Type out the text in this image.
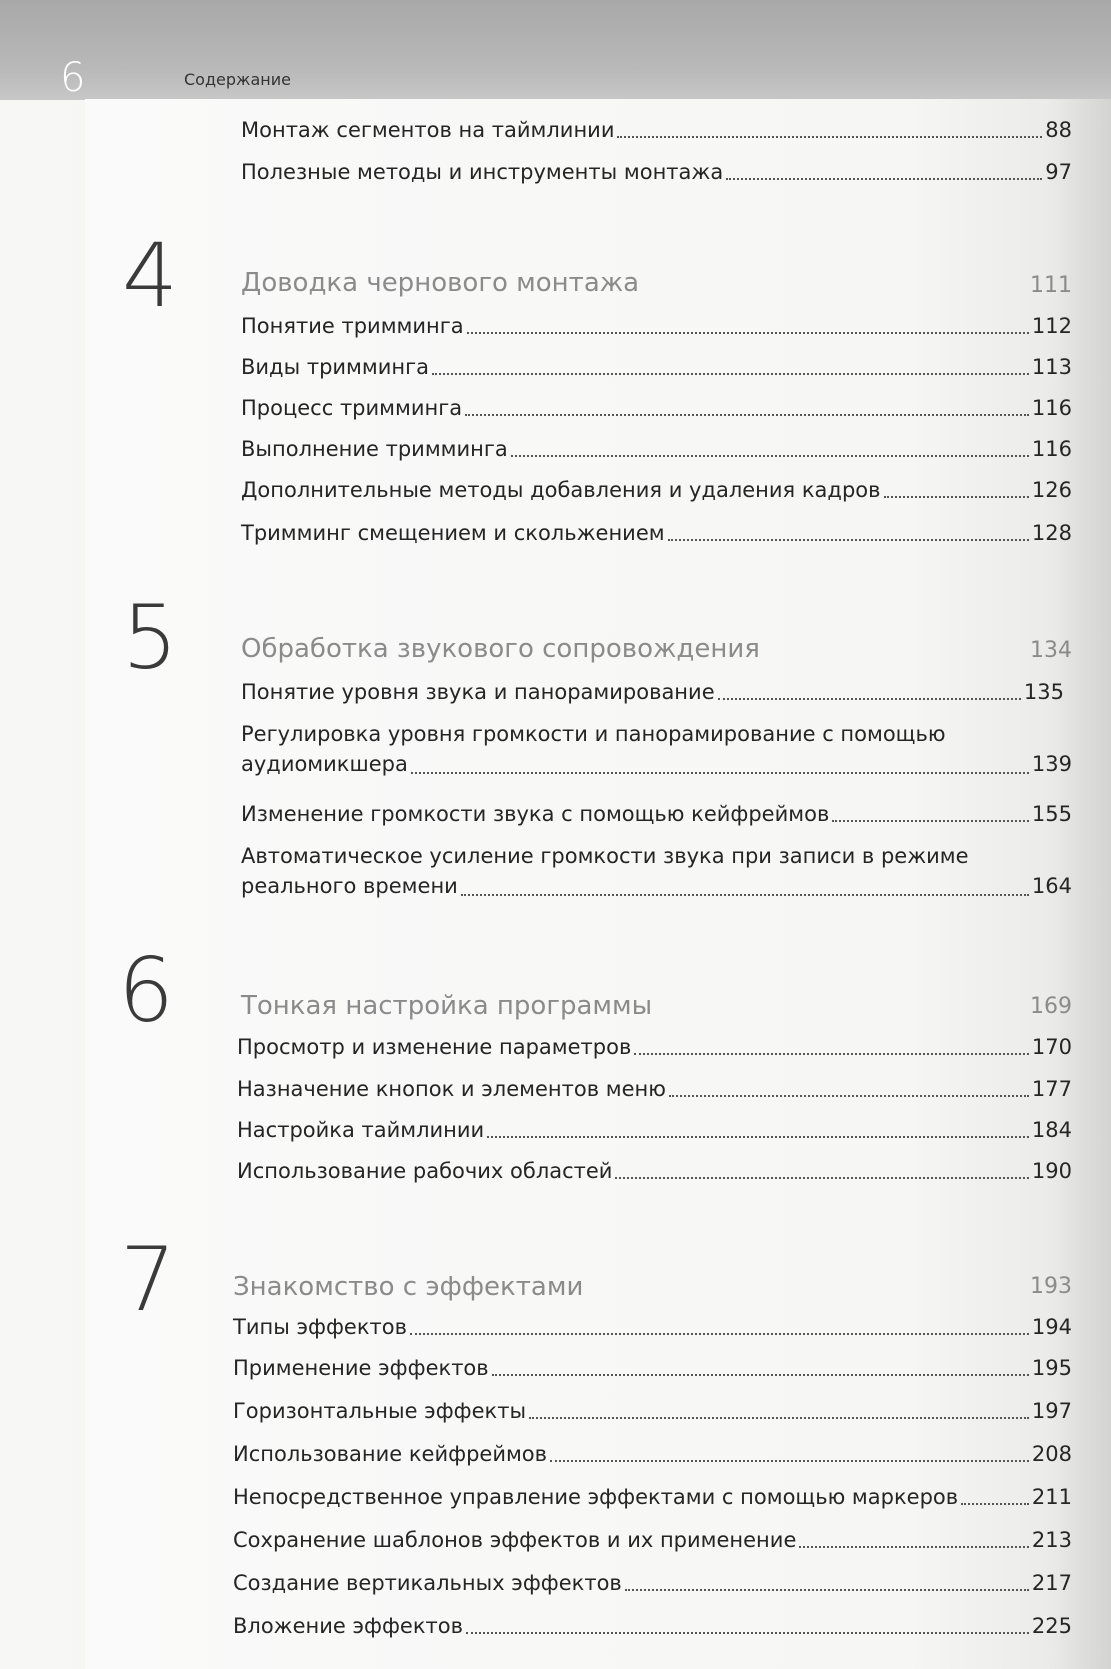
6	Содержание
Монтаж сегментов на таймлинии	88
Полезные методы и инструменты монтажа	97
4 Доводка чернового монтажа	111
Понятие тримминга	112
Виды тримминга	113
Процесс тримминга	116
Выполнение тримминга	116
Дополнительные методы добавления и удаления кадров	126
Тримминг смещением и скольжением	128
5 Обработка звукового сопровождения	134
Понятие уровня звука и панорамирование	135
Регулировка уровня громкости и панорамирование с помощью
аудиомикшера	139
Изменение громкости звука с помощью кейфреймов	155
Автоматическое усиление громкости звука при записи в режиме
реального времени	164
6	Тонкая настройка программы	169
Просмотр и изменение параметров	170
Назначение кнопок и элементов меню	177
Настройка таймлинии	184
Использование рабочих областей	190
7 Знакомство с эффектами	193
Типы эффектов	194
Применение эффектов	195
Горизонтальные эффекты	197
Использование кейфреймов	208
Непосредственное управление эффектами с помощью маркеров	211
Сохранение шаблонов эффектов и их применение	213
Создание вертикальных эффектов	217
Вложение эффектов	225
